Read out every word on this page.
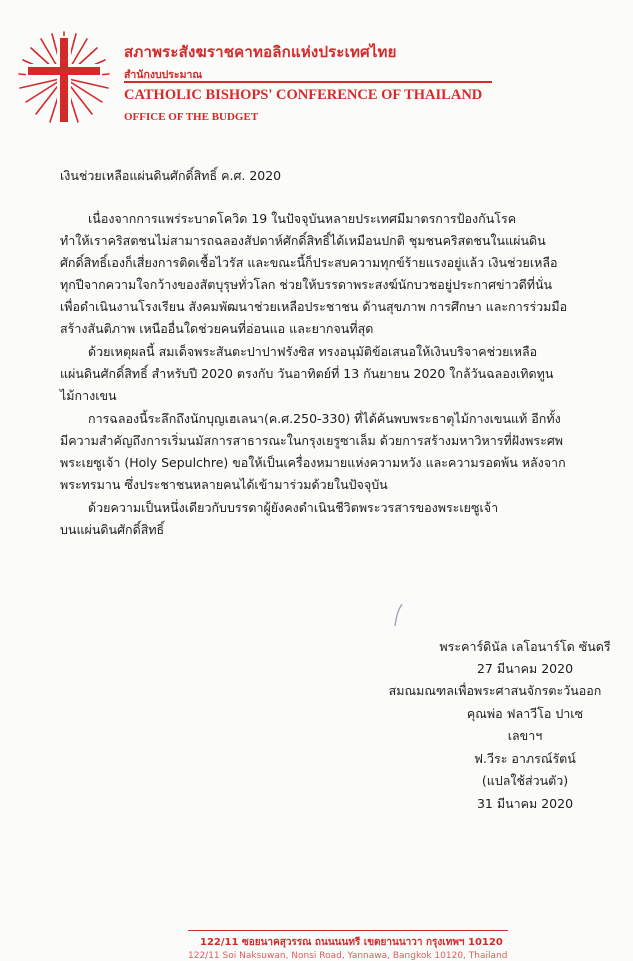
สภาพระสังฆราชคาทอลิกแห่งประเทศไทย
สำนักงบประมาณ
CATHOLIC BISHOPS' CONFERENCE OF THAILAND
OFFICE OF THE BUDGET
เงินช่วยเหลือแผ่นดินศักดิ์สิทธิ์ ค.ศ. 2020
เนื่องจากการแพร่ระบาดโควิด 19 ในปัจจุบันหลายประเทศมีมาตรการป้องกันโรค
ทำให้เราคริสตชนไม่สามารถฉลองสัปดาห์ศักดิ์สิทธิ์ได้เหมือนปกติ ชุมชนคริสตชนในแผ่นดิน
ศักดิ์สิทธิ์เองก็เสี่ยงการติดเชื้อไวรัส และขณะนี้ก็ประสบความทุกข์ร้ายแรงอยู่แล้ว เงินช่วยเหลือ
ทุกปีจากความใจกว้างของสัตบุรุษทั่วโลก ช่วยให้บรรดาพระสงฆ์นักบวชอยู่ประกาศข่าวดีที่นั่น
เพื่อดำเนินงานโรงเรียน สังคมพัฒนาช่วยเหลือประชาชน ด้านสุขภาพ การศึกษา และการร่วมมือ
สร้างสันติภาพ เหนืออื่นใดช่วยคนที่อ่อนแอ และยากจนที่สุด
ด้วยเหตุผลนี้ สมเด็จพระสันตะปาปาฟรังซิส ทรงอนุมัติข้อเสนอให้เงินบริจาคช่วยเหลือ
แผ่นดินศักดิ์สิทธิ์ สำหรับปี 2020 ตรงกับ วันอาทิตย์ที่ 13 กันยายน 2020 ใกล้วันฉลองเทิดทูน
ไม้กางเขน
การฉลองนี้ระลึกถึงนักบุญเฮเลนา(ค.ศ.250-330) ที่ได้ค้นพบพระธาตุไม้กางเขนแท้ อีกทั้ง
มีความสำคัญถึงการเริ่มนมัสการสาธารณะในกรุงเยรูซาเล็ม ด้วยการสร้างมหาวิหารที่ฝังพระศพ
พระเยซูเจ้า (Holy Sepulchre) ขอให้เป็นเครื่องหมายแห่งความหวัง และความรอดพ้น หลังจาก
พระทรมาน ซึ่งประชาชนหลายคนได้เข้ามาร่วมด้วยในปัจจุบัน
ด้วยความเป็นหนึ่งเดียวกับบรรดาผู้ยังคงดำเนินชีวิตพระวรสารของพระเยซูเจ้า
บนแผ่นดินศักดิ์สิทธิ์
พระคาร์ดินัล เลโอนาร์โด ซันดรี
27 มีนาคม 2020
สมณมณฑลเพื่อพระศาสนจักรตะวันออก
คุณพ่อ ฟลาวีโอ ปาเซ
เลขาฯ
ฟ.วีระ อาภรณ์รัตน์
(แปลใช้ส่วนตัว)
31 มีนาคม 2020
122/11 ซอยนาคสุวรรณ ถนนนนทรี เขตยานนาวา กรุงเทพฯ 10120
122/11 Soi Naksuwan, Nonsi Road, Yannawa, Bangkok 10120, Thailand
